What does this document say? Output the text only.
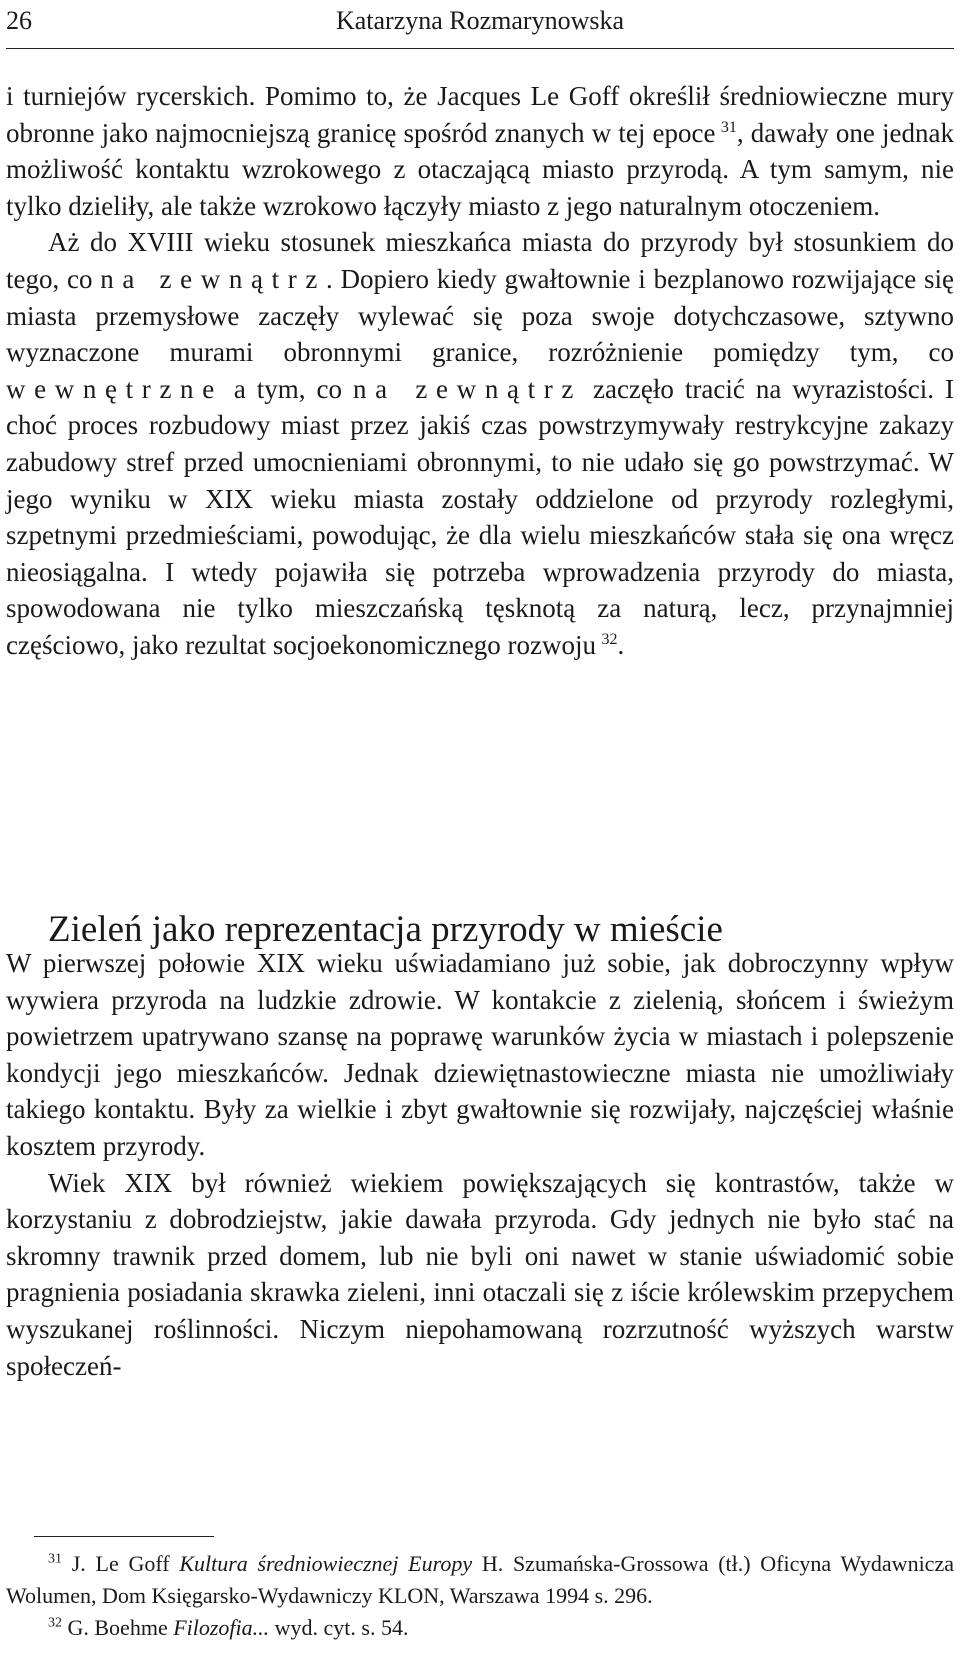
26	Katarzyna Rozmarynowska

i turniejów rycerskich. Pomimo to, że Jacques Le Goff określił średniowieczne mury obronne jako najmocniejszą granicę spośród znanych w tej epoce  $^{31}$, dawały one jednak możliwość kontaktu wzrokowego z otaczającą miasto przyrodą. A tym samym, nie tylko dzieliły, ale także wzrokowo łączyły miasto z jego naturalnym otoczeniem.

Aż do XVIII wieku stosunek mieszkańca miasta do przyrody był stosunkiem do tego, co na zewnątrz. Dopiero kiedy gwałtownie i bezplanowo rozwijające się miasta przemysłowe zaczęły wylewać się poza swoje dotychczasowe, sztywno wyznaczone murami obronnymi granice, rozróżnienie pomiędzy tym, co wewnętrzne a tym, co na zewnątrz zaczęło tracić na wyrazistości. I choć proces rozbudowy miast przez jakiś czas powstrzymywały restrykcyjne zakazy zabudowy stref przed umocnieniami obronnymi, to nie udało się go powstrzymać. W jego wyniku w XIX wieku miasta zostały oddzielone od przyrody rozległymi, szpetnymi przedmieściami, powodując, że dla wielu mieszkańców stała się ona wręcz nieosiągalna. I wtedy pojawiła się potrzeba wprowadzenia przyrody do miasta, spowodowana nie tylko mieszczańską tęsknotą za naturą, lecz, przynajmniej częściowo, jako rezultat socjoekonomicznego rozwoju  $^{32}$.

Zieleń jako reprezentacja przyrody w mieście

W pierwszej połowie XIX wieku uświadamiano już sobie, jak dobroczynny wpływ wywiera przyroda na ludzkie zdrowie. W kontakcie z zielenią, słońcem i świeżym powietrzem upatrywano szansę na poprawę warunków życia w miastach i polepszenie kondycji jego mieszkańców. Jednak dziewiętnastowieczne miasta nie umożliwiały takiego kontaktu. Były za wielkie i zbyt gwałtownie się rozwijały, najczęściej właśnie kosztem przyrody.

Wiek XIX był również wiekiem powiększających się kontrastów, także w korzystaniu z dobrodziejstw, jakie dawała przyroda. Gdy jednych nie było stać na skromny trawnik przed domem, lub nie byli oni nawet w stanie uświadomić sobie pragnienia posiadania skrawka zieleni, inni otaczali się z iście królewskim przepychem wyszukanej roślinności. Niczym niepohamowaną rozrzutność wyższych warstw społeczeń-

$^{31}$ J. Le Goff Kultura średniowiecznej Europy H. Szumańska-Grossowa (tł.) Oficyna Wydawnicza Wolumen, Dom Księgarsko-Wydawniczy KLON, Warszawa 1994 s. 296.

$^{32}$ G. Boehme Filozofia... wyd. cyt. s. 54.
